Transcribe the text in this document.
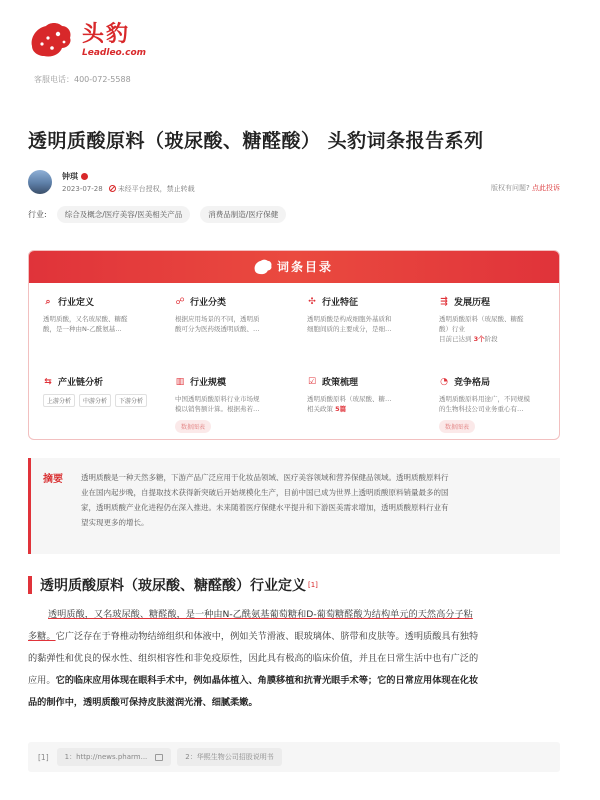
头豹
Leadleo.com
客服电话：400-072-5588
透明质酸原料（玻尿酸、糖醛酸） 头豹词条报告系列
钟琪
2023-07-28 未经平台授权，禁止转载	版权有问题? 点此投诉
行业:	综合及概念/医疗美容/医美相关产品	消费品制造/医疗保健
词条目录
⌕ 行业定义
透明质酸，又名玻尿酸、糖醛
酸，是一种由N-乙酰氨基…
☍ 行业分类
根据应用场景的不同，透明质
酸可分为医药级透明质酸、…
✣ 行业特征
透明质酸是构成细胞外基质和
细胞间质的主要成分，是细…
⇶ 发展历程
透明质酸原料（玻尿酸、糖醛
酸）行业
目前已达到 3个阶段
⇆ 产业链分析
上游分析	中游分析	下游分析
▥ 行业规模
中国透明质酸原料行业市场规
模以销售额计算。根据弗若…
数据图表
☑ 政策梳理
透明质酸原料（玻尿酸、糖…
相关政策 5篇
◔ 竞争格局
透明质酸原料用途广，不同规模
的生物科技公司业务重心有…
数据图表
摘要 透明质酸是一种天然多糖，下游产品广泛应用于化妆品领域、医疗美容领域和营养保健品领域。透明质酸原料行
业在国内起步晚，自提取技术获得新突破后开始规模化生产，目前中国已成为世界上透明质酸原料销量最多的国
家，透明质酸产业化进程仍在深入推进。未来随着医疗保健水平提升和下游医美需求增加，透明质酸原料行业有
望实现更多的增长。
透明质酸原料（玻尿酸、糖醛酸）行业定义 [1]
透明质酸，又名玻尿酸、糖醛酸，是一种由N-乙酰氨基葡萄糖和D-葡萄糖醛酸为结构单元的天然高分子粘
多糖。它广泛存在于脊椎动物结缔组织和体液中，例如关节滑液、眼玻璃体、脐带和皮肤等。透明质酸具有独特
的黏弹性和优良的保水性、组织相容性和非免疫原性，因此具有极高的临床价值，并且在日常生活中也有广泛的
应用。它的临床应用体现在眼科手术中，例如晶体植入、角膜移植和抗青光眼手术等；它的日常应用体现在化妆
品的制作中，透明质酸可保持皮肤滋润光滑、细腻柔嫩。
[1] 1：http://news.pharm...	2：华熙生物公司招股说明书
